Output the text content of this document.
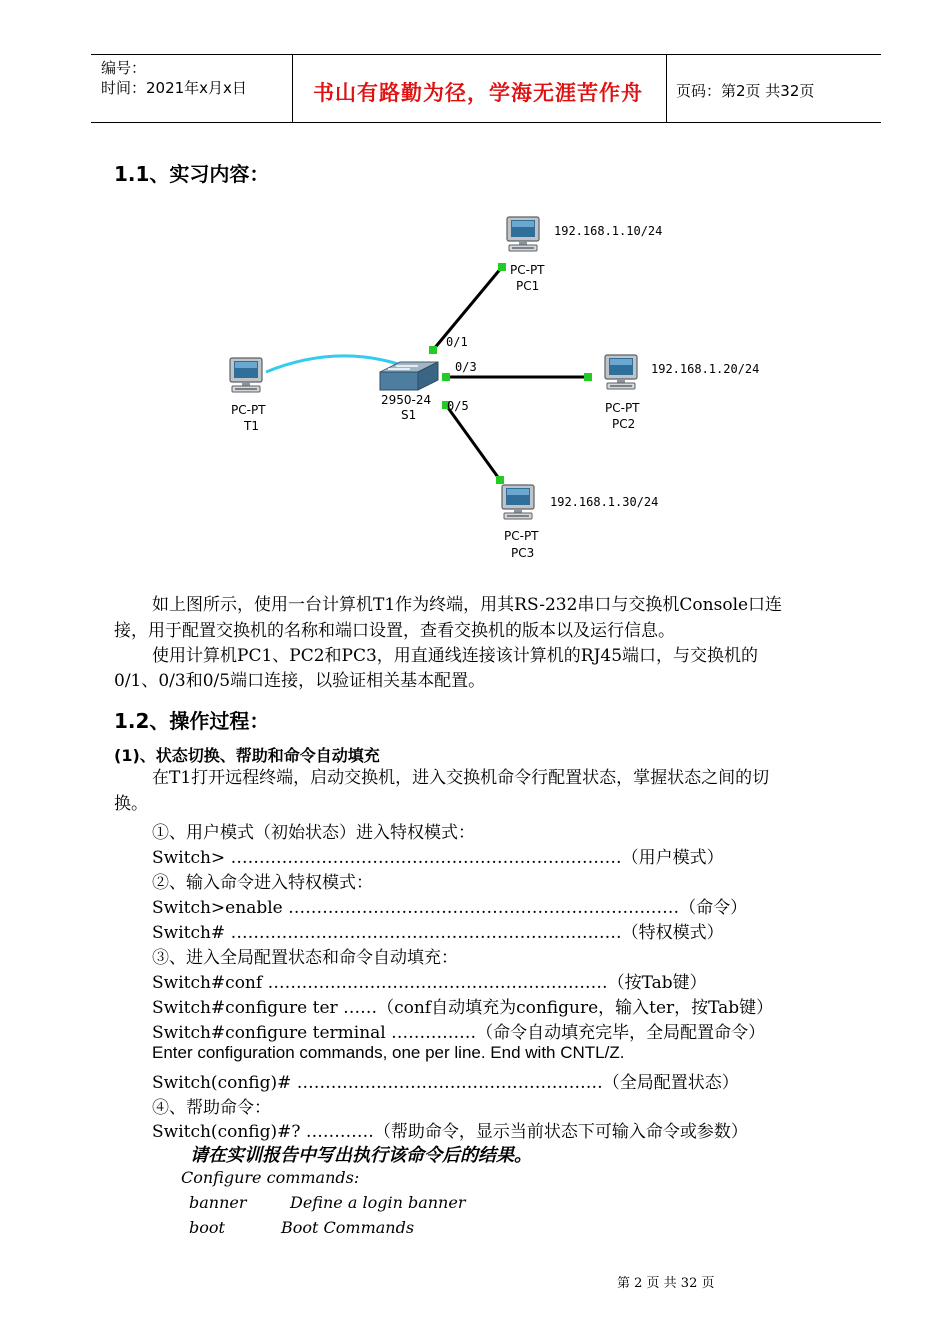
编号：
时间：2021年x月x日	书山有路勤为径，学海无涯苦作舟 页码：第2页 共32页
1.1、实习内容：
2950-24
S1
PC-PT
T1
PC-PT
PC1
192.168.1.10/24
PC-PT
PC2
192.168.1.20/24
PC-PT
PC3
192.168.1.30/24
0/1
0/3
0/5
如上图所示，使用一台计算机T1作为终端，用其RS-232串口与交换机Console口连
接，用于配置交换机的名称和端口设置，查看交换机的版本以及运行信息。
使用计算机PC1、PC2和PC3，用直通线连接该计算机的RJ45端口，与交换机的
0/1、0/3和0/5端口连接，以验证相关基本配置。
1.2、操作过程：
(1)、状态切换、帮助和命令自动填充
在T1打开远程终端，启动交换机，进入交换机命令行配置状态，掌握状态之间的切
换。
①、用户模式（初始状态）进入特权模式：
Switch> ……………………………………………………………（用户模式）
②、输入命令进入特权模式：
Switch>enable ……………………………………………………………（命令）
Switch# ……………………………………………………………（特权模式）
③、进入全局配置状态和命令自动填充：
Switch#conf ……………………………………………………（按Tab键）
Switch#configure ter ……（conf自动填充为configure，输入ter，按Tab键）
Switch#configure terminal ……………（命令自动填充完毕，全局配置命令）
Enter configuration commands, one per line. End with CNTL/Z.
Switch(config)# ………………………………………………（全局配置状态）
④、帮助命令：
Switch(config)#? …………（帮助命令，显示当前状态下可输入命令或参数）
请在实训报告中写出执行该命令后的结果。
Configure commands:
banner	Define a login banner
boot	Boot Commands
第 2 页 共 32 页
